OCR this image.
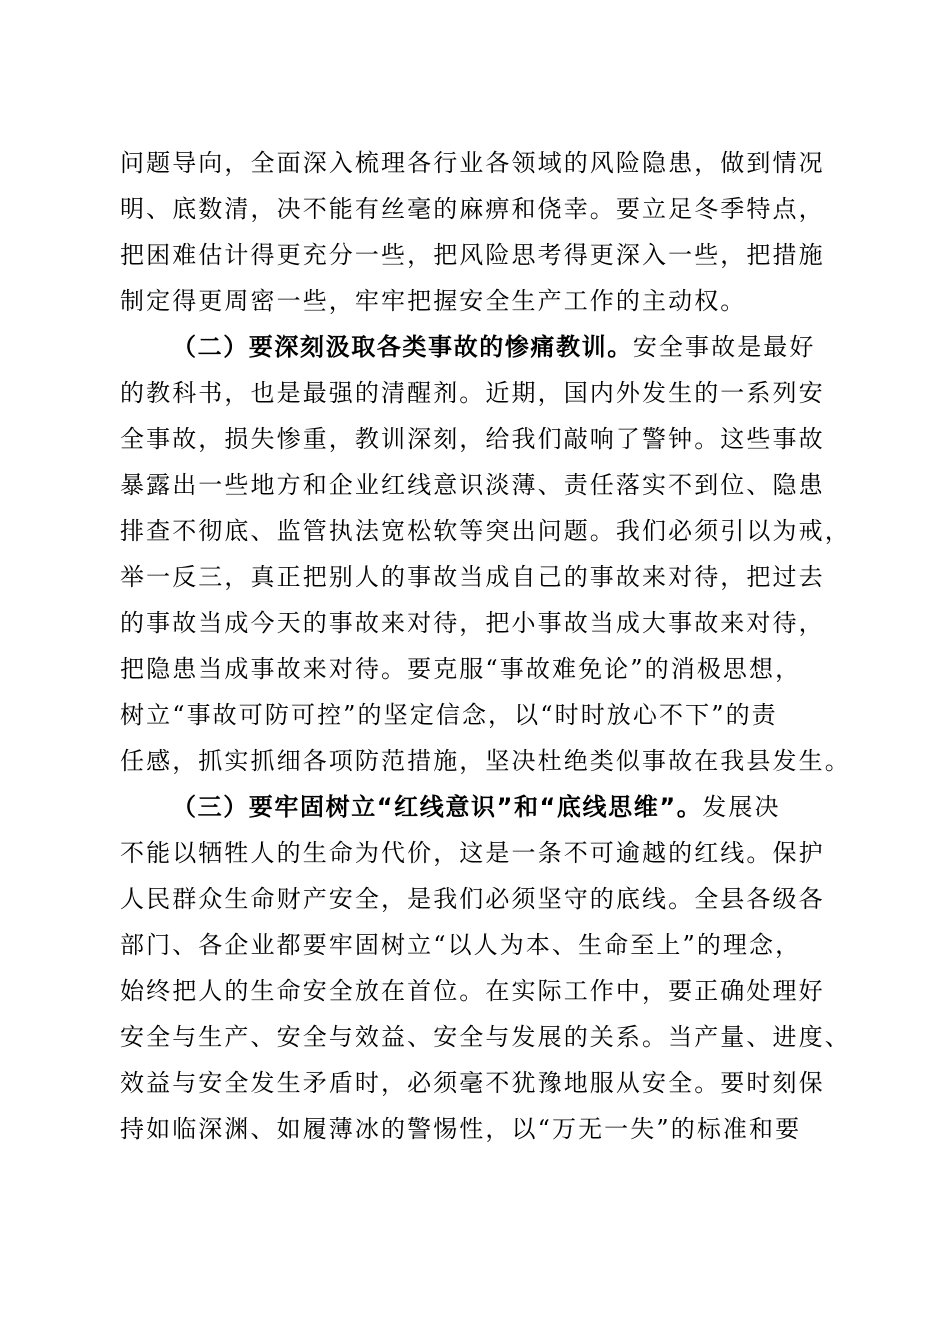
问题导向，全面深入梳理各行业各领域的风险隐患，做到情况
明、底数清，决不能有丝毫的麻痹和侥幸。要立足冬季特点，
把困难估计得更充分一些，把风险思考得更深入一些，把措施
制定得更周密一些，牢牢把握安全生产工作的主动权。
（二）要深刻汲取各类事故的惨痛教训。安全事故是最好
的教科书，也是最强的清醒剂。近期，国内外发生的一系列安
全事故，损失惨重，教训深刻，给我们敲响了警钟。这些事故
暴露出一些地方和企业红线意识淡薄、责任落实不到位、隐患
排查不彻底、监管执法宽松软等突出问题。我们必须引以为戒，
举一反三，真正把别人的事故当成自己的事故来对待，把过去
的事故当成今天的事故来对待，把小事故当成大事故来对待，
把隐患当成事故来对待。要克服“事故难免论”的消极思想，
树立“事故可防可控”的坚定信念，以“时时放心不下”的责
任感，抓实抓细各项防范措施，坚决杜绝类似事故在我县发生。
（三）要牢固树立“红线意识”和“底线思维”。发展决
不能以牺牲人的生命为代价，这是一条不可逾越的红线。保护
人民群众生命财产安全，是我们必须坚守的底线。全县各级各
部门、各企业都要牢固树立“以人为本、生命至上”的理念，
始终把人的生命安全放在首位。在实际工作中，要正确处理好
安全与生产、安全与效益、安全与发展的关系。当产量、进度、
效益与安全发生矛盾时，必须毫不犹豫地服从安全。要时刻保
持如临深渊、如履薄冰的警惕性，以“万无一失”的标准和要
